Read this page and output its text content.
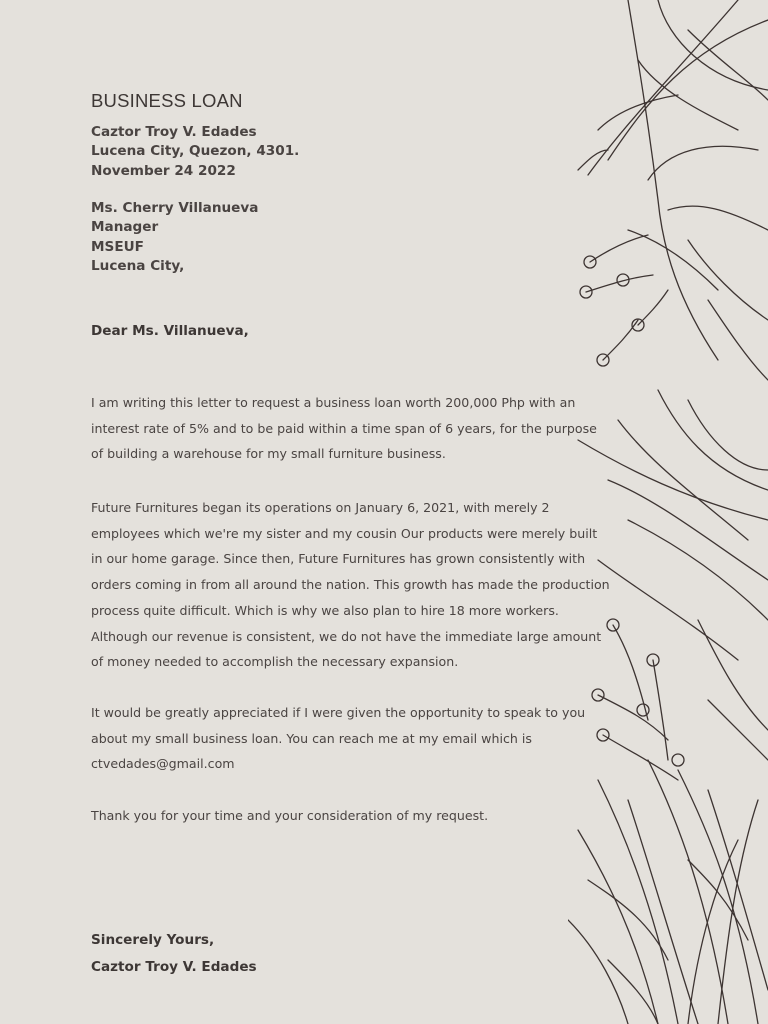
BUSINESS LOAN
Caztor Troy V. Edades
Lucena City, Quezon, 4301.
November 24 2022
Ms. Cherry Villanueva
Manager
MSEUF
Lucena City,
Dear Ms. Villanueva,

I am writing this letter to request a business loan worth 200,000 Php with an interest rate of 5% and to be paid within a time span of 6 years, for the purpose of building a warehouse for my small furniture business.

Future Furnitures began its operations on January 6, 2021, with merely 2 employees which we're my sister and my cousin Our products were merely built in our home garage. Since then, Future Furnitures has grown consistently with orders coming in from all around the nation. This growth has made the production process quite difficult. Which is why we also plan to hire 18 more workers. Although our revenue is consistent, we do not have the immediate large amount of money needed to accomplish the necessary expansion.

It would be greatly appreciated if I were given the opportunity to speak to you about my small business loan. You can reach me at my email which is ctvedades@gmail.com

Thank you for your time and your consideration of my request.

Sincerely Yours,
Caztor Troy V. Edades
